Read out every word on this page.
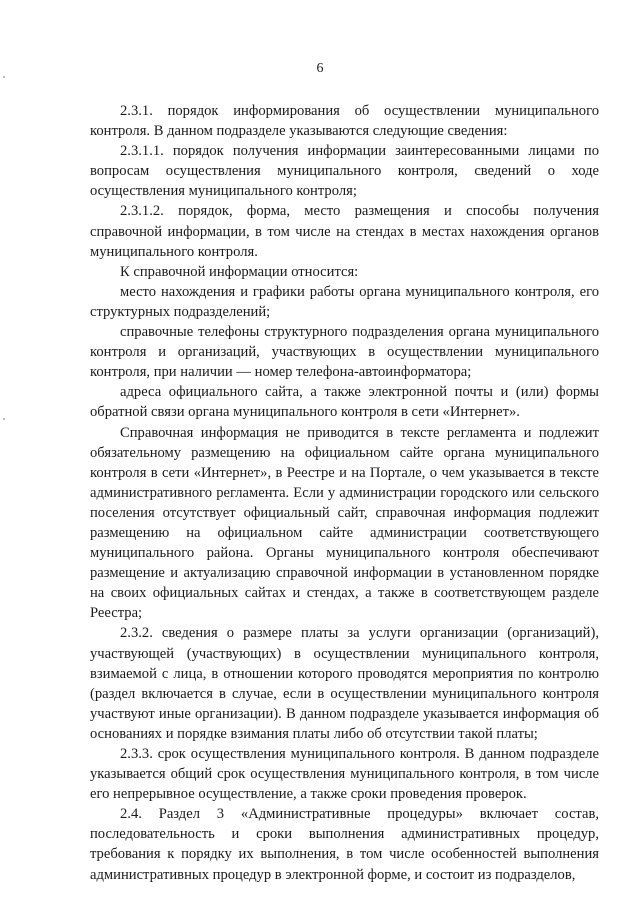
6

2.3.1. порядок информирования об осуществлении муниципального контроля. В данном подразделе указываются следующие сведения:

2.3.1.1. порядок получения информации заинтересованными лицами по вопросам осуществления муниципального контроля, сведений о ходе осуществления муниципального контроля;

2.3.1.2. порядок, форма, место размещения и способы получения справочной информации, в том числе на стендах в местах нахождения органов муниципального контроля.

К справочной информации относится:

место нахождения и графики работы органа муниципального контроля, его структурных подразделений;

справочные телефоны структурного подразделения органа муниципального контроля и организаций, участвующих в осуществлении муниципального контроля, при наличии — номер телефона-автоинформатора;

адреса официального сайта, а также электронной почты и (или) формы обратной связи органа муниципального контроля в сети «Интернет».

Справочная информация не приводится в тексте регламента и подлежит обязательному размещению на официальном сайте органа муниципального контроля в сети «Интернет», в Реестре и на Портале, о чем указывается в тексте административного регламента. Если у администрации городского или сельского поселения отсутствует официальный сайт, справочная информация подлежит размещению на официальном сайте администрации соответствующего муниципального района. Органы муниципального контроля обеспечивают размещение и актуализацию справочной информации в установленном порядке на своих официальных сайтах и стендах, а также в соответствующем разделе Реестра;

2.3.2. сведения о размере платы за услуги организации (организаций), участвующей (участвующих) в осуществлении муниципального контроля, взимаемой с лица, в отношении которого проводятся мероприятия по контролю (раздел включается в случае, если в осуществлении муниципального контроля участвуют иные организации). В данном подразделе указывается информация об основаниях и порядке взимания платы либо об отсутствии такой платы;

2.3.3. срок осуществления муниципального контроля. В данном подразделе указывается общий срок осуществления муниципального контроля, в том числе его непрерывное осуществление, а также сроки проведения проверок.

2.4. Раздел 3 «Административные процедуры» включает состав, последовательность и сроки выполнения административных процедур, требования к порядку их выполнения, в том числе особенностей выполнения административных процедур в электронной форме, и состоит из подразделов,
